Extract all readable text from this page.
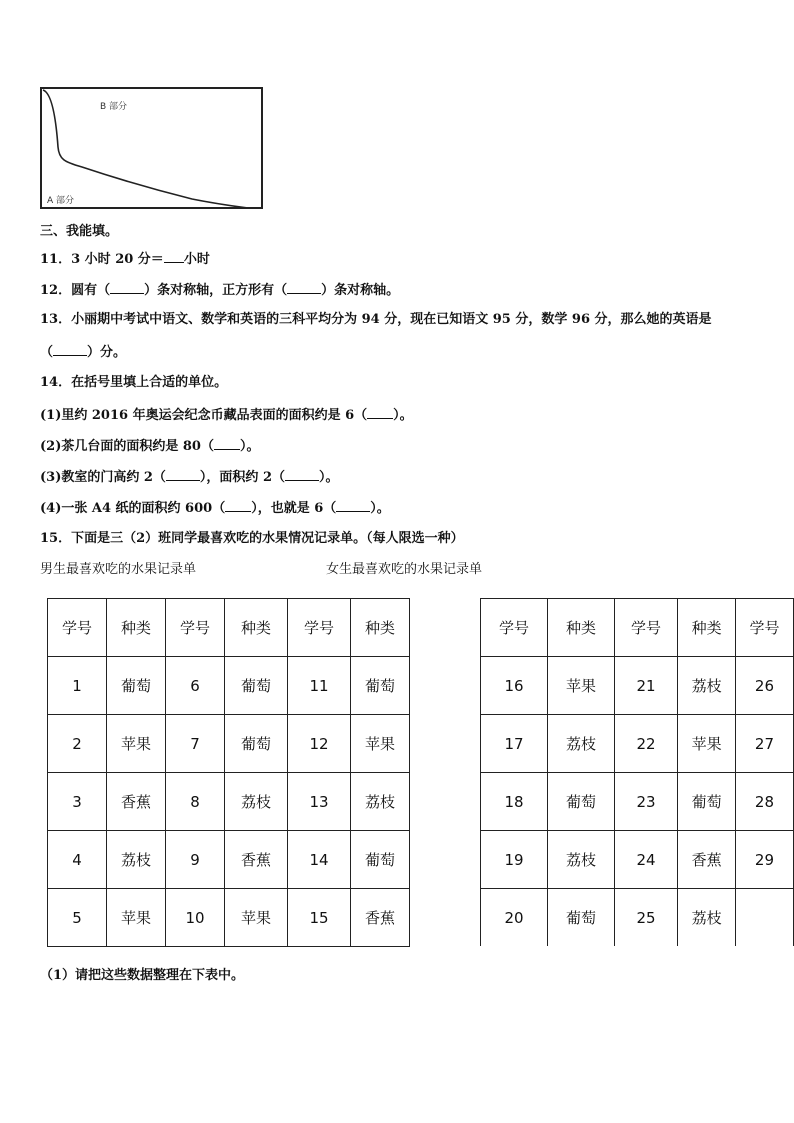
B 部分
A 部分
三、我能填。
11．3 小时 20 分＝ 小时
12．圆有（	）条对称轴，正方形有（	）条对称轴。
13．小丽期中考试中语文、数学和英语的三科平均分为 94 分，现在已知语文 95 分，数学 96 分，那么她的英语是
（	）分。
14．在括号里填上合适的单位。
(1)里约 2016 年奥运会纪念币藏品表面的面积约是 6（ ）。
(2)茶几台面的面积约是 80（ ）。
(3)教室的门高约 2（	），面积约 2（	）。
(4)一张 A4 纸的面积约 600（ ），也就是 6（	）。
15．下面是三（2）班同学最喜欢吃的水果情况记录单。（每人限选一种）
男生最喜欢吃的水果记录单	女生最喜欢吃的水果记录单
学号	种类	学号	种类	学号	种类
1	葡萄	6	葡萄	11	葡萄
2	苹果	7	葡萄	12	苹果
3	香蕉	8	荔枝	13	荔枝
4	荔枝	9	香蕉	14	葡萄
5	苹果	10	苹果	15	香蕉
学号	种类	学号	种类	学号
16	苹果	21	荔枝	26
17	荔枝	22	苹果	27
18	葡萄	23	葡萄	28
19	荔枝	24	香蕉	29
20	葡萄	25	荔枝	
（1）请把这些数据整理在下表中。
